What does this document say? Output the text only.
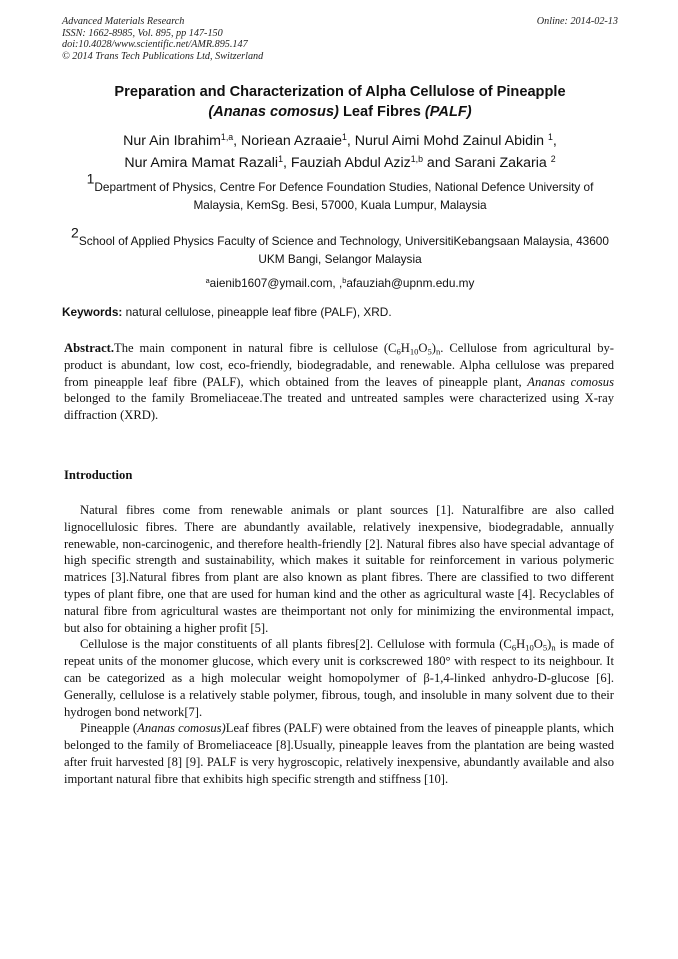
Advanced Materials Research
ISSN: 1662-8985, Vol. 895, pp 147-150
doi:10.4028/www.scientific.net/AMR.895.147
© 2014 Trans Tech Publications Ltd, Switzerland
Online: 2014-02-13
Preparation and Characterization of Alpha Cellulose of Pineapple
(Ananas comosus) Leaf Fibres (PALF)
Nur Ain Ibrahim$^{1,a}$, Noriean Azraaie$^1$, Nurul Aimi Mohd Zainul Abidin $^1$,
Nur Amira Mamat Razali$^1$, Fauziah Abdul Aziz$^{1,b}$ and Sarani Zakaria $^2$
$^1$Department of Physics, Centre For Defence Foundation Studies, National Defence University of Malaysia, KemSg. Besi, 57000, Kuala Lumpur, Malaysia
$^2$School of Applied Physics Faculty of Science and Technology, UniversitiKebangsaan Malaysia, 43600 UKM Bangi, Selangor Malaysia
$^a$aienib1607@ymail.com, ,$^b$afauziah@upnm.edu.my
Keywords: natural cellulose, pineapple leaf fibre (PALF), XRD.
Abstract.The main component in natural fibre is cellulose $(C_6H_{10}O_5)_n$. Cellulose from agricultural by-product is abundant, low cost, eco-friendly, biodegradable, and renewable. Alpha cellulose was prepared from pineapple leaf fibre (PALF), which obtained from the leaves of pineapple plant, Ananas comosus belonged to the family Bromeliaceae.The treated and untreated samples were characterized using X-ray diffraction (XRD).
Introduction

Natural fibres come from renewable animals or plant sources [1]. Naturalfibre are also called lignocellulosic fibres. There are abundantly available, relatively inexpensive, biodegradable, annually renewable, non-carcinogenic, and therefore health-friendly [2]. Natural fibres also have special advantage of high specific strength and sustainability, which makes it suitable for reinforcement in various polymeric matrices [3].Natural fibres from plant are also known as plant fibres. There are classified to two different types of plant fibre, one that are used for human kind and the other as agricultural waste [4]. Recyclables of natural fibre from agricultural wastes are theimportant not only for minimizing the environmental impact, but also for obtaining a higher profit [5].

Cellulose is the major constituents of all plants fibres[2]. Cellulose with formula $(C_6H_{10}O_5)_n$ is made of repeat units of the monomer glucose, which every unit is corkscrewed 180° with respect to its neighbour. It can be categorized as a high molecular weight homopolymer of β-1,4-linked anhydro-D-glucose [6]. Generally, cellulose is a relatively stable polymer, fibrous, tough, and insoluble in many solvent due to their hydrogen bond network[7].

Pineapple (Ananas comosus)Leaf fibres (PALF) were obtained from the leaves of pineapple plants, which belonged to the family of Bromeliaceace [8].Usually, pineapple leaves from the plantation are being wasted after fruit harvested [8] [9]. PALF is very hygroscopic, relatively inexpensive, abundantly available and also important natural fibre that exhibits high specific strength and stiffness [10].
